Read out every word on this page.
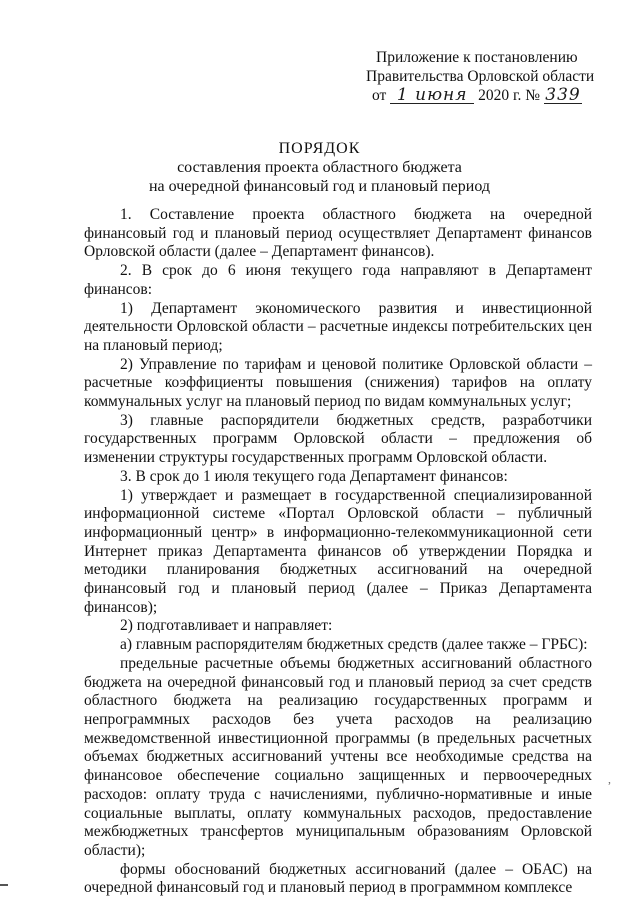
Приложение к постановлению
Правительства Орловской области
от 1 июня 2020 г. № 339
ПОРЯДОК
составления проекта областного бюджета
на очередной финансовый год и плановый период

1. Составление проекта областного бюджета на очередной финансовый год и плановый период осуществляет Департамент финансов Орловской области (далее – Департамент финансов).

2. В срок до 6 июня текущего года направляют в Департамент финансов:

1) Департамент экономического развития и инвестиционной деятельности Орловской области – расчетные индексы потребительских цен на плановый период;

2) Управление по тарифам и ценовой политике Орловской области – расчетные коэффициенты повышения (снижения) тарифов на оплату коммунальных услуг на плановый период по видам коммунальных услуг;

3) главные распорядители бюджетных средств, разработчики государственных программ Орловской области – предложения об изменении структуры государственных программ Орловской области.

3. В срок до 1 июля текущего года Департамент финансов:

1) утверждает и размещает в государственной специализированной информационной системе «Портал Орловской области – публичный информационный центр» в информационно-телекоммуникационной сети Интернет приказ Департамента финансов об утверждении Порядка и методики планирования бюджетных ассигнований на очередной финансовый год и плановый период (далее – Приказ Департамента финансов);

2) подготавливает и направляет:

а) главным распорядителям бюджетных средств (далее также – ГРБС):

предельные расчетные объемы бюджетных ассигнований областного бюджета на очередной финансовый год и плановый период за счет средств областного бюджета на реализацию государственных программ и непрограммных расходов без учета расходов на реализацию межведомственной инвестиционной программы (в предельных расчетных объемах бюджетных ассигнований учтены все необходимые средства на финансовое обеспечение социально защищенных и первоочередных расходов: оплату труда с начислениями, публично-нормативные и иные социальные выплаты, оплату коммунальных расходов, предоставление межбюджетных трансфертов муниципальным образованиям Орловской области);

формы обоснований бюджетных ассигнований (далее – ОБАС) на очередной финансовый год и плановый период в программном комплексе

,
